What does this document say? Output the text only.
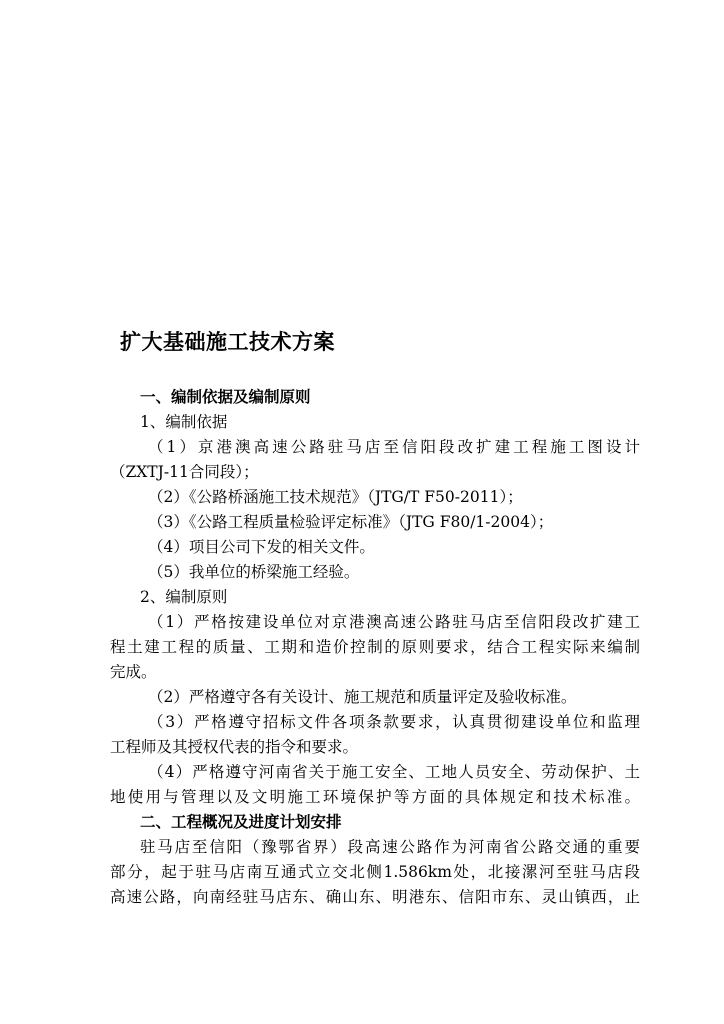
扩大基础施工技术方案
一、编制依据及编制原则
1、编制依据
（1）京港澳高速公路驻马店至信阳段改扩建工程施工图设计
（ZXTJ-11合同段）；
（2）《公路桥涵施工技术规范》（JTG/T F50-2011）；
（3）《公路工程质量检验评定标准》（JTG F80/1-2004）；
（4）项目公司下发的相关文件。
（5）我单位的桥梁施工经验。
2、编制原则
（1）严格按建设单位对京港澳高速公路驻马店至信阳段改扩建工
程土建工程的质量、工期和造价控制的原则要求，结合工程实际来编制
完成。
（2）严格遵守各有关设计、施工规范和质量评定及验收标准。
（3）严格遵守招标文件各项条款要求，认真贯彻建设单位和监理
工程师及其授权代表的指令和要求。
（4）严格遵守河南省关于施工安全、工地人员安全、劳动保护、土
地使用与管理以及文明施工环境保护等方面的具体规定和技术标准。
二、工程概况及进度计划安排
驻马店至信阳（豫鄂省界）段高速公路作为河南省公路交通的重要
部分，起于驻马店南互通式立交北侧1.586km处，北接漯河至驻马店段
高速公路，向南经驻马店东、确山东、明港东、信阳市东、灵山镇西，止
